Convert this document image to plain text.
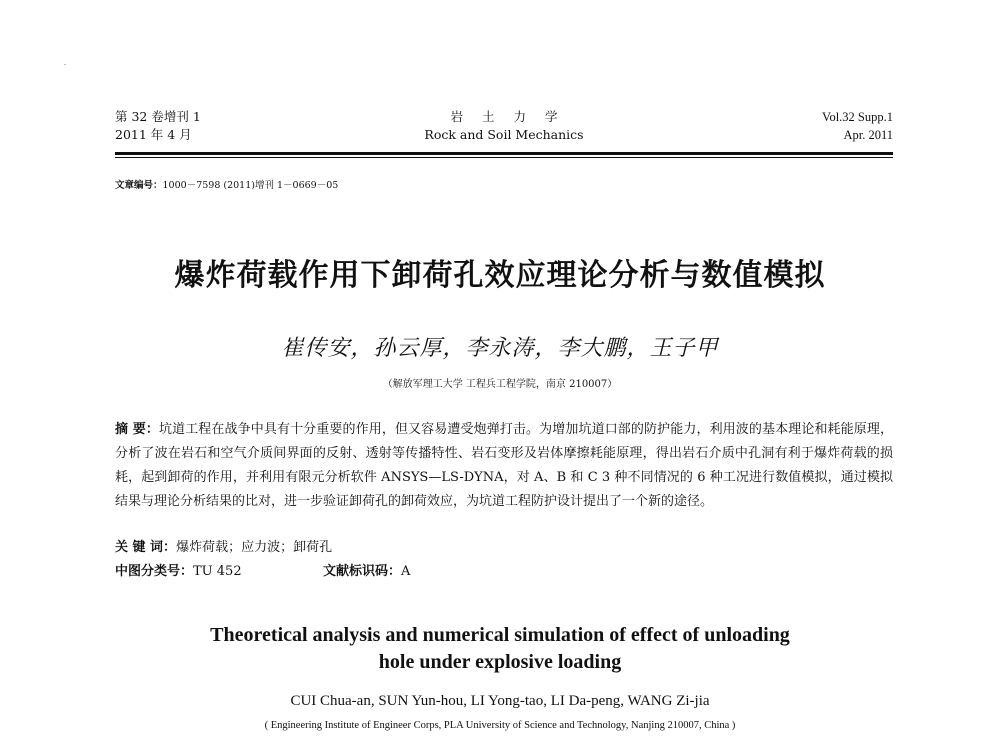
第 32 卷增刊 1
2011 年 4 月
岩土力学
Rock and Soil Mechanics
Vol.32 Supp.1
Apr. 2011
文章编号：1000－7598 (2011)增刊 1－0669－05
爆炸荷载作用下卸荷孔效应理论分析与数值模拟
崔传安，孙云厚，李永涛，李大鹏，王子甲
（解放军理工大学 工程兵工程学院，南京 210007）
摘 要：坑道工程在战争中具有十分重要的作用，但又容易遭受炮弹打击。为增加坑道口部的防护能力，利用波的基本理论和耗能原理，分析了波在岩石和空气介质间界面的反射、透射等传播特性、岩石变形及岩体摩擦耗能原理，得出岩石介质中孔洞有利于爆炸荷载的损耗，起到卸荷的作用，并利用有限元分析软件 ANSYS—LS-DYNA，对 A、B 和 C 3 种不同情况的 6 种工况进行数值模拟，通过模拟结果与理论分析结果的比对，进一步验证卸荷孔的卸荷效应，为坑道工程防护设计提出了一个新的途径。
关 键 词：爆炸荷载；应力波；卸荷孔
中图分类号：TU 452	文献标识码：A
Theoretical analysis and numerical simulation of effect of unloading
hole under explosive loading
CUI Chua-an, SUN Yun-hou, LI Yong-tao, LI Da-peng, WANG Zi-jia
( Engineering Institute of Engineer Corps, PLA University of Science and Technology, Nanjing 210007, China )
